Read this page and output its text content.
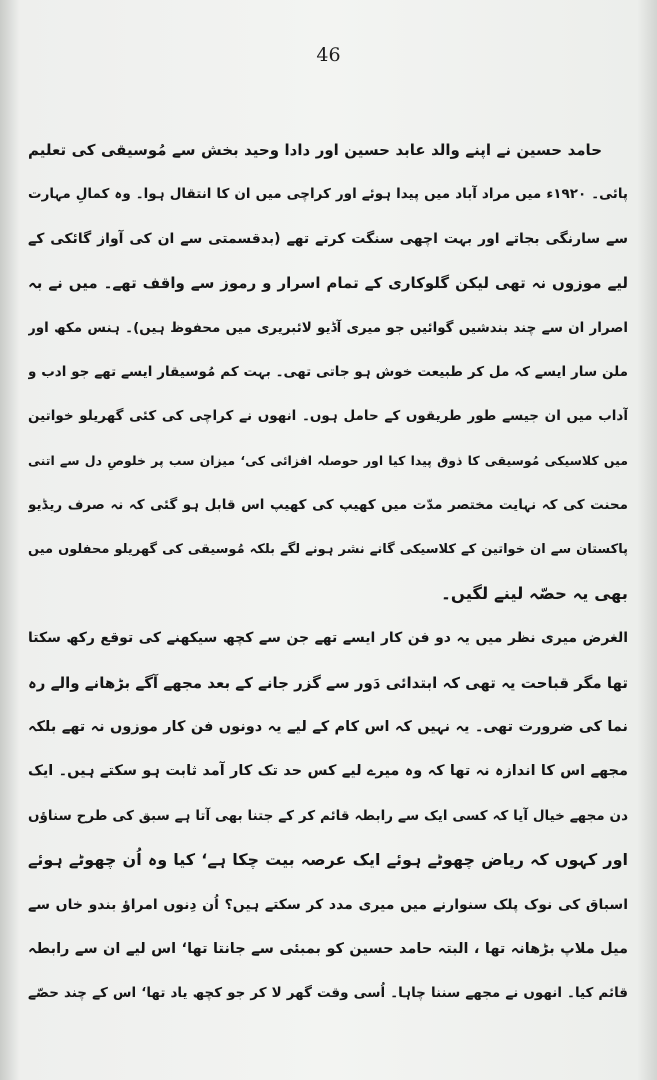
46
حامد حسین نے اپنے والد عابد حسین اور دادا وحید بخش سے مُوسیقی کی تعلیم
پائی۔ ۱۹۲۰ء میں مراد آباد میں پیدا ہوئے اور کراچی میں ان کا انتقال ہوا۔ وہ کمالِ مہارت
سے سارنگی بجاتے اور بہت اچھی سنگت کرتے تھے (بدقسمتی سے ان کی آواز گائکی کے
لیے موزوں نہ تھی لیکن گلوکاری کے تمام اسرار و رموز سے واقف تھے۔ میں نے بہ
اصرار ان سے چند بندشیں گوائیں جو میری آڈیو لائبریری میں محفوظ ہیں)۔ ہنس مکھ اور
ملن سار ایسے کہ مل کر طبیعت خوش ہو جاتی تھی۔ بہت کم مُوسیقار ایسے تھے جو ادب و
آداب میں ان جیسے طور طریقوں کے حامل ہوں۔ انھوں نے کراچی کی کئی گھریلو خواتین
میں کلاسیکی مُوسیقی کا ذوق پیدا کیا اور حوصلہ افزائی کی‘ میزان سب پر خلوصِ دل سے اتنی
محنت کی کہ نہایت مختصر مدّت میں کھیپ کی کھیپ اس قابل ہو گئی کہ نہ صرف ریڈیو
پاکستان سے ان خواتین کے کلاسیکی گانے نشر ہونے لگے بلکہ مُوسیقی کی گھریلو محفلوں میں
بھی یہ حصّہ لینے لگیں۔
الغرض میری نظر میں یہ دو فن کار ایسے تھے جن سے کچھ سیکھنے کی توقع رکھ سکتا
تھا مگر قباحت یہ تھی کہ ابتدائی دَور سے گزر جانے کے بعد مجھے آگے بڑھانے والے رہ
نما کی ضرورت تھی۔ یہ نہیں کہ اس کام کے لیے یہ دونوں فن کار موزوں نہ تھے بلکہ
مجھے اس کا اندازہ نہ تھا کہ وہ میرے لیے کس حد تک کار آمد ثابت ہو سکتے ہیں۔ ایک
دن مجھے خیال آیا کہ کسی ایک سے رابطہ قائم کر کے جتنا بھی آتا ہے سبق کی طرح سناؤں
اور کہوں کہ ریاض چھوٹے ہوئے ایک عرصہ بیت چکا ہے‘ کیا وہ اُن چھوٹے ہوئے
اسباق کی نوک پلک سنوارنے میں میری مدد کر سکتے ہیں؟ اُن دِنوں امراؤ بندو خاں سے
میل ملاپ بڑھانہ تھا ، البتہ حامد حسین کو بمبئی سے جانتا تھا‘ اس لیے ان سے رابطہ
قائم کیا۔ انھوں نے مجھے سننا چاہا۔ اُسی وقت گھر لا کر جو کچھ یاد تھا‘ اس کے چند حصّے
